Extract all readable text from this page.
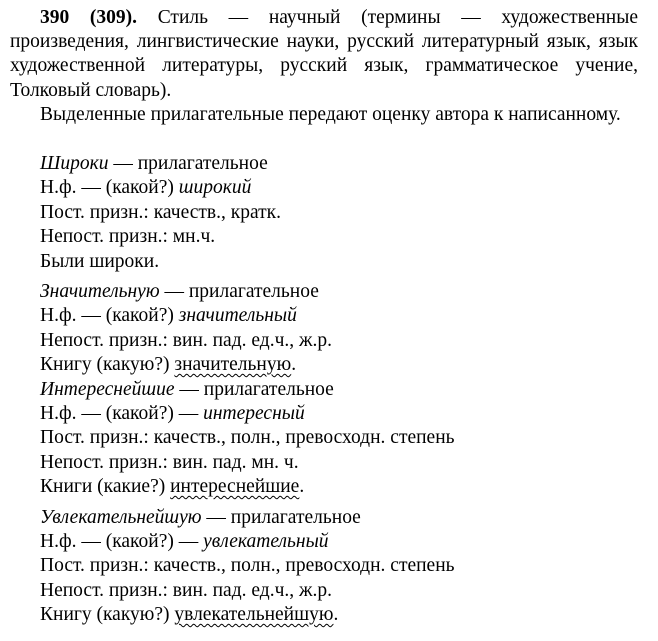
390 (309). Стиль — научный (термины — художественные произведения, лингвистические науки, русский литературный язык, язык художественной литературы, русский язык, грамматическое учение, Толковый словарь).

Выделенные прилагательные передают оценку автора к написанному.

Широки — прилагательное
Н.ф. — (какой?) широкий
Пост. призн.: качеств., кратк.
Непост. призн.: мн.ч.
Были широки.
Значительную — прилагательное
Н.ф. — (какой?) значительный
Непост. призн.: вин. пад. ед.ч., ж.р.
Книгу (какую?) значительную.
Интереснейшие — прилагательное
Н.ф. — (какой?) — интересный
Пост. призн.: качеств., полн., превосходн. степень
Непост. призн.: вин. пад. мн. ч.
Книги (какие?) интереснейшие.
Увлекательнейшую — прилагательное
Н.ф. — (какой?) — увлекательный
Пост. призн.: качеств., полн., превосходн. степень
Непост. призн.: вин. пад. ед.ч., ж.р.
Книгу (какую?) увлекательнейшую.
